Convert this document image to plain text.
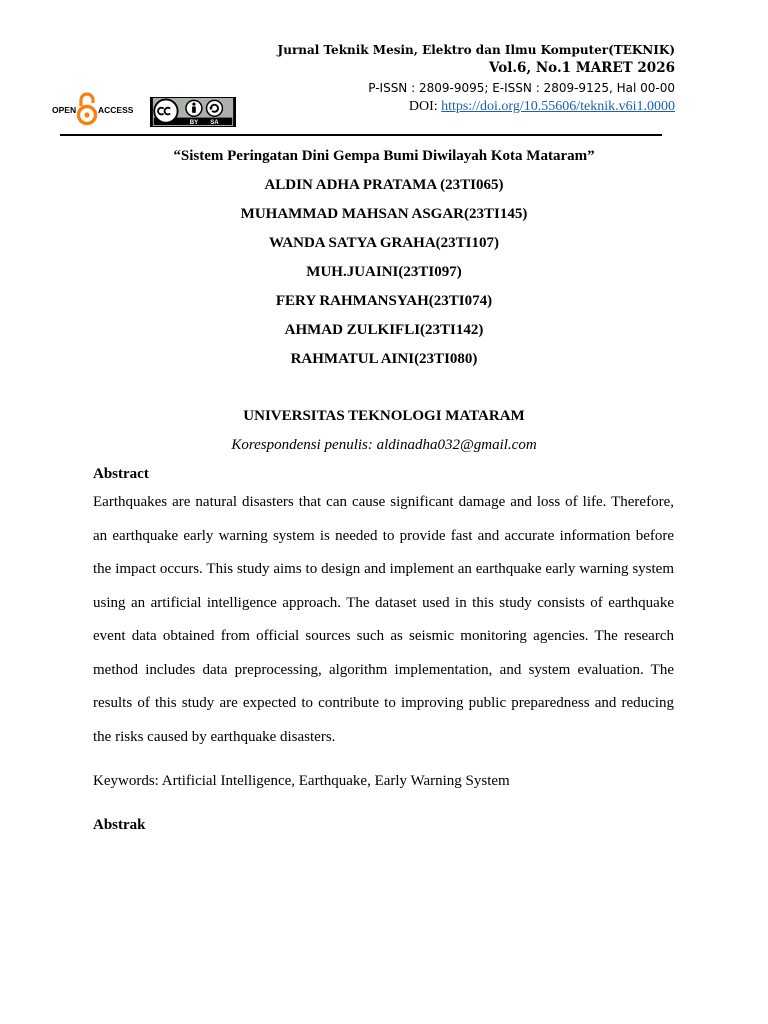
Jurnal Teknik Mesin, Elektro dan Ilmu Komputer(TEKNIK)
Vol.6, No.1 MARET 2026
P-ISSN : 2809-9095; E-ISSN : 2809-9125, Hal 00-00
DOI: https://doi.org/10.55606/teknik.v6i1.0000
OPEN	ACCESS
BY SA
“Sistem Peringatan Dini Gempa Bumi Diwilayah Kota Mataram”
ALDIN ADHA PRATAMA (23TI065)
MUHAMMAD MAHSAN ASGAR(23TI145)
WANDA SATYA GRAHA(23TI107)
MUH.JUAINI(23TI097)
FERY RAHMANSYAH(23TI074)
AHMAD ZULKIFLI(23TI142)
RAHMATUL AINI(23TI080)
UNIVERSITAS TEKNOLOGI MATARAM
Korespondensi penulis: aldinadha032@gmail.com
Abstract

Earthquakes are natural disasters that can cause significant damage and loss of life. Therefore, an earthquake early warning system is needed to provide fast and accurate information before the impact occurs. This study aims to design and implement an earthquake early warning system using an artificial intelligence approach. The dataset used in this study consists of earthquake event data obtained from official sources such as seismic monitoring agencies. The research method includes data preprocessing, algorithm implementation, and system evaluation. The results of this study are expected to contribute to improving public preparedness and reducing the risks caused by earthquake disasters.

Keywords: Artificial Intelligence, Earthquake, Early Warning System
Abstrak
